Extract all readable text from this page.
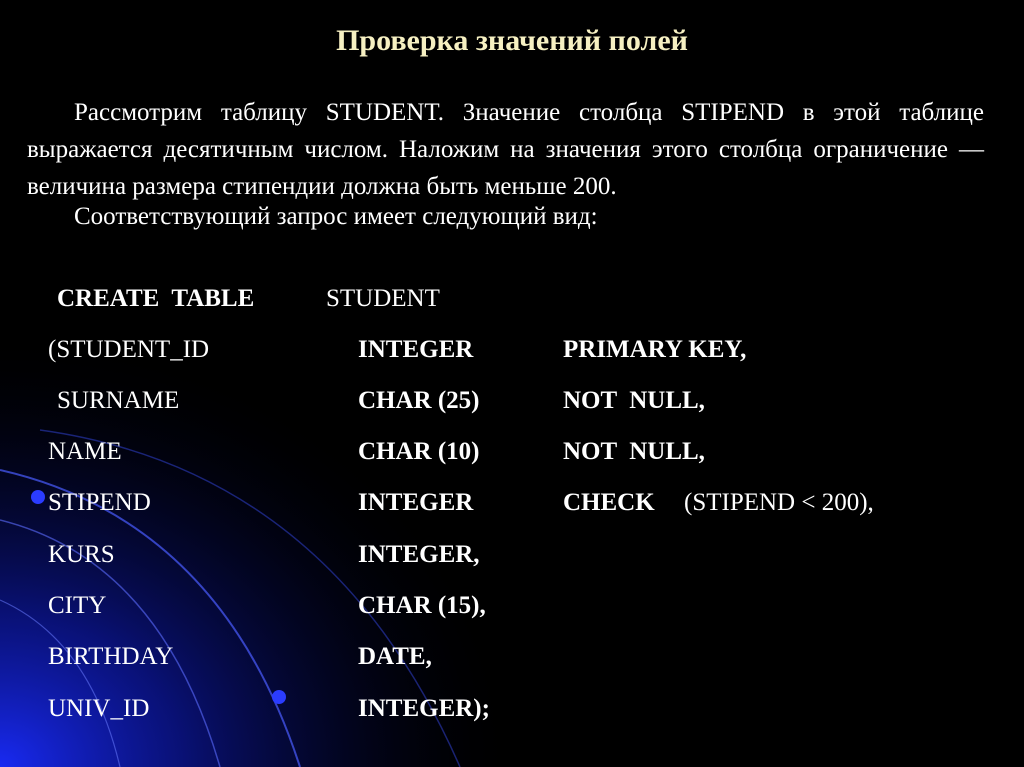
Проверка значений полей
Рассмотрим таблицу STUDENT. Значение столбца STIPEND в этой таблице выражается десятичным числом. Наложим на значения этого столбца ограничение — величина размера стипендии должна быть меньше 200.
Соответствующий запрос имеет следующий вид:
CREATE  TABLE	STUDENT
(STUDENT_ID	INTEGER	PRIMARY KEY,
SURNAME	CHAR (25)	NOT  NULL,
NAME	CHAR (10)	NOT  NULL,
STIPEND	INTEGER	CHECK (STIPEND < 200),
KURS	INTEGER,
CITY	CHAR (15),
BIRTHDAY	DATE,
UNIV_ID	INTEGER);
